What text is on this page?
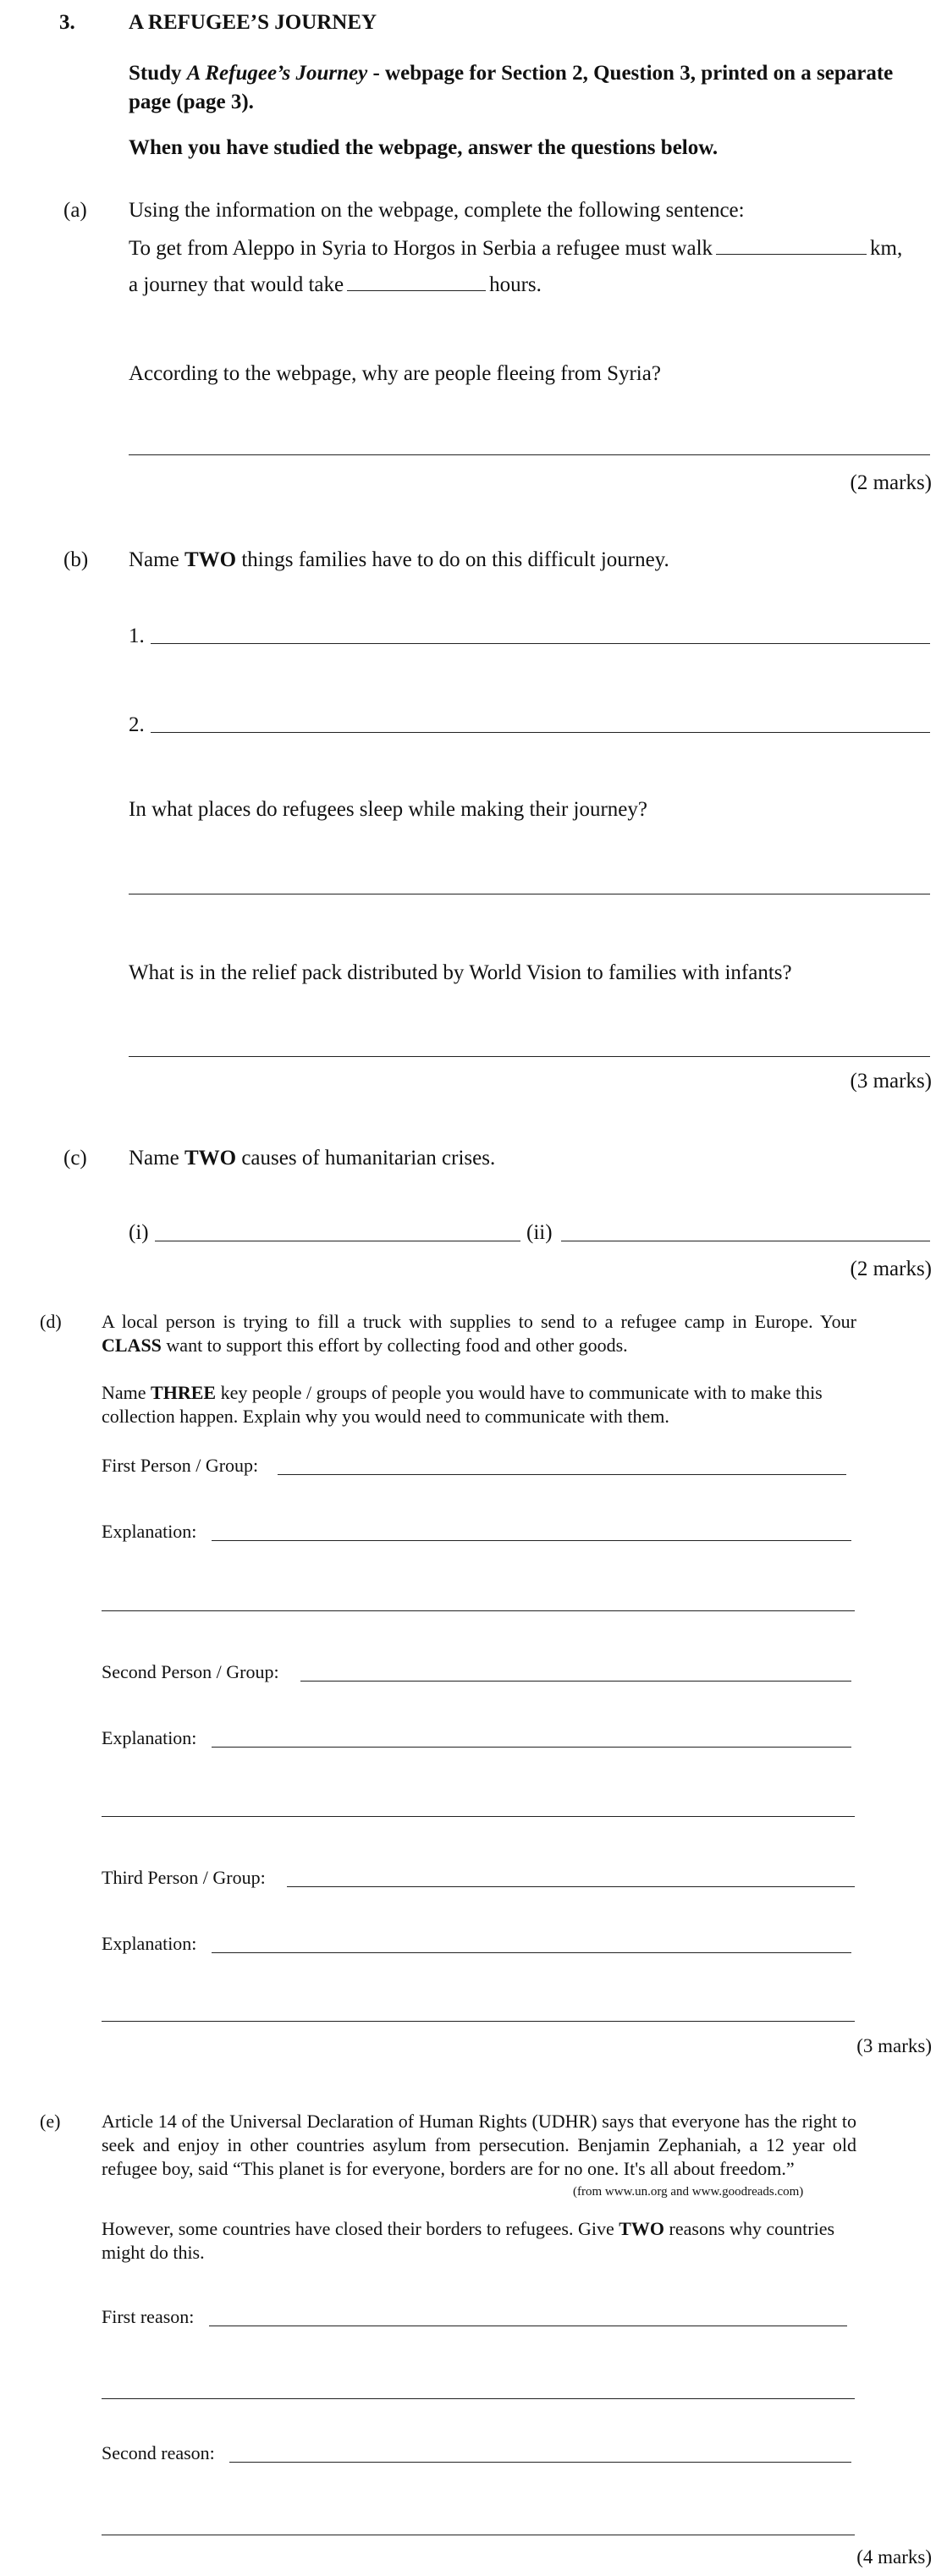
3.	A REFUGEE’S JOURNEY
Study A Refugee’s Journey - webpage for Section 2, Question 3, printed on a separate page (page 3).
When you have studied the webpage, answer the questions below.
(a) Using the information on the webpage, complete the following sentence:
To get from Aleppo in Syria to Horgos in Serbia a refugee must walk	km,
a journey that would take	hours.
According to the webpage, why are people fleeing from Syria?
(2 marks)
(b) Name TWO things families have to do on this difficult journey.
1.
2.
In what places do refugees sleep while making their journey?
What is in the relief pack distributed by World Vision to families with infants?
(3 marks)
(c) Name TWO causes of humanitarian crises.
(i)	(ii)
(2 marks)
(d) A local person is trying to fill a truck with supplies to send to a refugee camp in Europe. Your CLASS want to support this effort by collecting food and other goods.
Name THREE key people / groups of people you would have to communicate with to make this collection happen. Explain why you would need to communicate with them.
First Person / Group:
Explanation:
Second Person / Group:
Explanation:
Third Person / Group:
Explanation:
(3 marks)
(e) Article 14 of the Universal Declaration of Human Rights (UDHR) says that everyone has the right to seek and enjoy in other countries asylum from persecution. Benjamin Zephaniah, a 12 year old refugee boy, said “This planet is for everyone, borders are for no one. It's all about freedom.”
(from www.un.org and www.goodreads.com)
However, some countries have closed their borders to refugees. Give TWO reasons why countries might do this.
First reason:
Second reason:
(4 marks)
